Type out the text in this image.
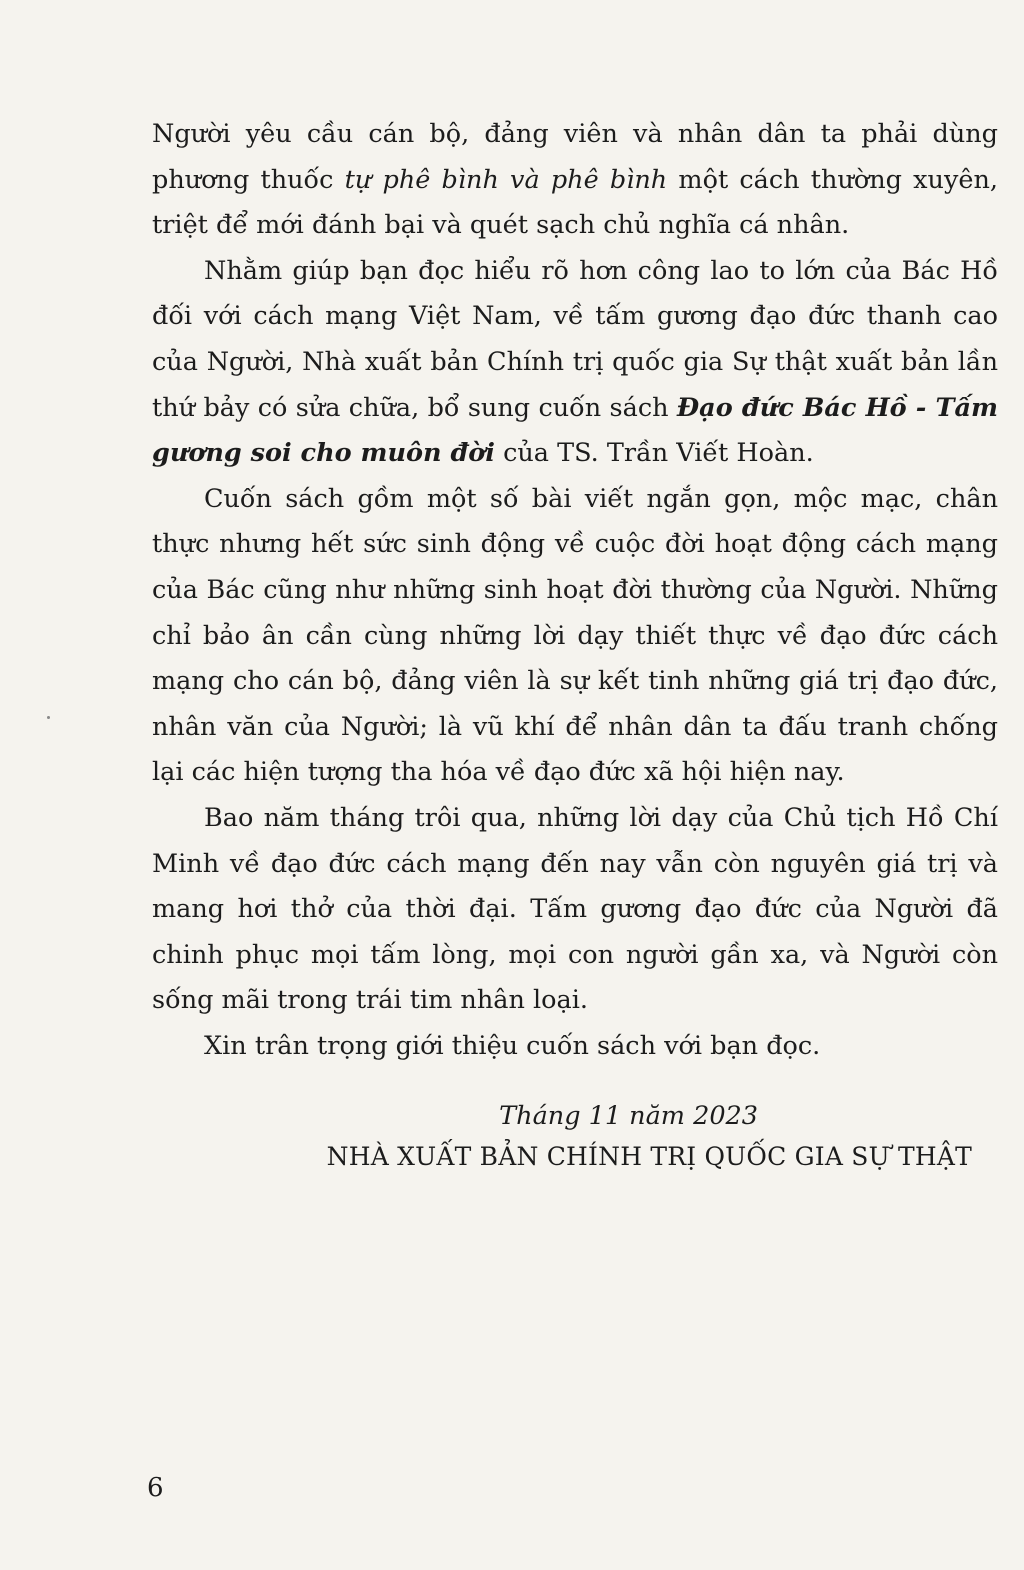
Người yêu cầu cán bộ, đảng viên và nhân dân ta phải dùng phương thuốc tự phê bình và phê bình một cách thường xuyên, triệt để mới đánh bại và quét sạch chủ nghĩa cá nhân.

Nhằm giúp bạn đọc hiểu rõ hơn công lao to lớn của Bác Hồ đối với cách mạng Việt Nam, về tấm gương đạo đức thanh cao của Người, Nhà xuất bản Chính trị quốc gia Sự thật xuất bản lần thứ bảy có sửa chữa, bổ sung cuốn sách Đạo đức Bác Hồ - Tấm gương soi cho muôn đời của TS. Trần Viết Hoàn.

Cuốn sách gồm một số bài viết ngắn gọn, mộc mạc, chân thực nhưng hết sức sinh động về cuộc đời hoạt động cách mạng của Bác cũng như những sinh hoạt đời thường của Người. Những chỉ bảo ân cần cùng những lời dạy thiết thực về đạo đức cách mạng cho cán bộ, đảng viên là sự kết tinh những giá trị đạo đức, nhân văn của Người; là vũ khí để nhân dân ta đấu tranh chống lại các hiện tượng tha hóa về đạo đức xã hội hiện nay.

Bao năm tháng trôi qua, những lời dạy của Chủ tịch Hồ Chí Minh về đạo đức cách mạng đến nay vẫn còn nguyên giá trị và mang hơi thở của thời đại. Tấm gương đạo đức của Người đã chinh phục mọi tấm lòng, mọi con người gần xa, và Người còn sống mãi trong trái tim nhân loại.

Xin trân trọng giới thiệu cuốn sách với bạn đọc.

Tháng 11 năm 2023
NHÀ XUẤT BẢN CHÍNH TRỊ QUỐC GIA SỰ THẬT
6
